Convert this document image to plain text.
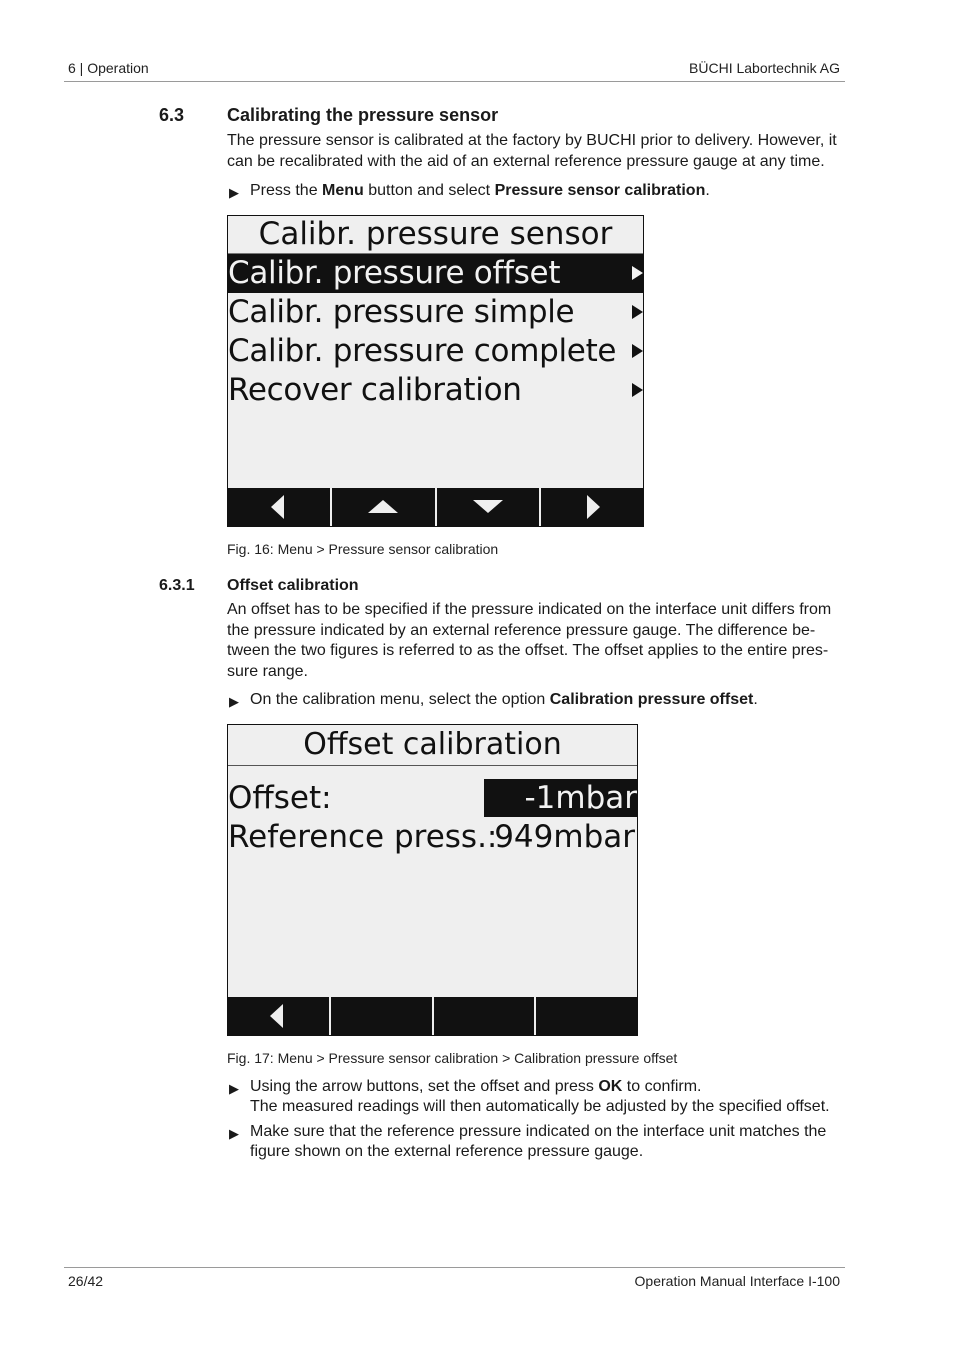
6 | Operation	BÜCHI Labortechnik AG
6.3 Calibrating the pressure sensor
The pressure sensor is calibrated at the factory by BUCHI prior to delivery. However, it
can be recalibrated with the aid of an external reference pressure gauge at any time.
▶ Press the Menu button and select Pressure sensor calibration.
Calibr. pressure sensor
Calibr. pressure offset
Calibr. pressure simple
Calibr. pressure complete
Recover calibration
Fig. 16: Menu > Pressure sensor calibration
6.3.1 Offset calibration
An offset has to be specified if the pressure indicated on the interface unit differs from
the pressure indicated by an external reference pressure gauge. The difference be-
tween the two figures is referred to as the offset. The offset applies to the entire pres-
sure range.
▶ On the calibration menu, select the option Calibration pressure offset.
Offset calibration
Offset:	-1mbar
Reference press.:
949mbar
Fig. 17: Menu > Pressure sensor calibration > Calibration pressure offset
▶ Using the arrow buttons, set the offset and press OK to confirm.
The measured readings will then automatically be adjusted by the specified offset.
▶ Make sure that the reference pressure indicated on the interface unit matches the
figure shown on the external reference pressure gauge.
26/42	Operation Manual Interface I-100
